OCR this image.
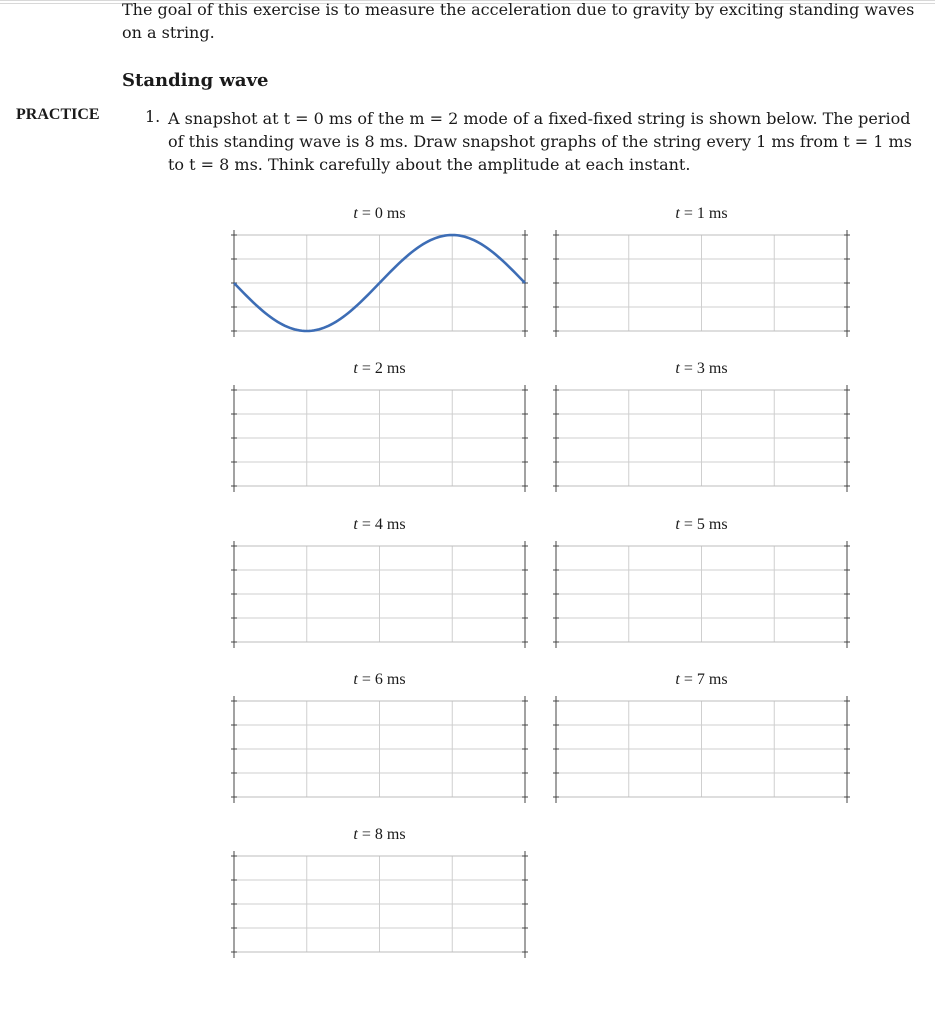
The goal of this exercise is to measure the acceleration due to gravity by exciting standing waves on a string.
Standing wave
PRACTICE	1. A snapshot at t = 0 ms of the m = 2 mode of a fixed-fixed string is shown below. The period of this standing wave is 8 ms. Draw snapshot graphs of the string every 1 ms from t = 1 ms to t = 8 ms. Think carefully about the amplitude at each instant.
t = 0 ms	t = 1 ms
t = 2 ms	t = 3 ms
t = 4 ms	t = 5 ms
t = 6 ms	t = 7 ms
t = 8 ms
